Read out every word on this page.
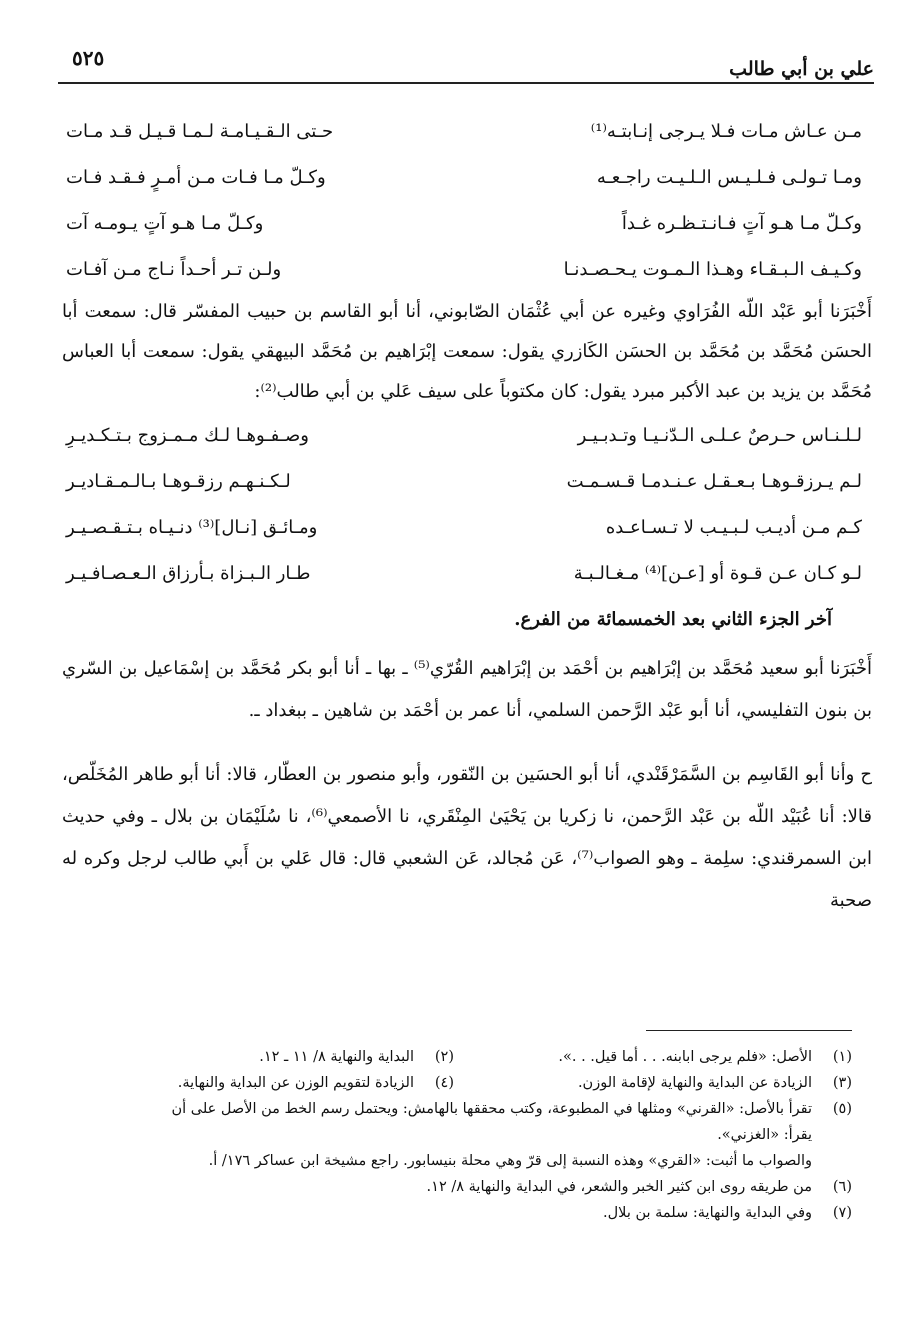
علي بن أبي طالب
٥٢٥
مـن عـاش مـات فـلا يـرجى إنـابتـه⁽¹⁾
حـتى الـقـيـامـة لـمـا قـيـل قـد مـات
ومـا تـولـى فـلـيـس الـلـيـت راجـعـه
وكـلّ مـا فـات مـن أمـرٍ فـقـد فـات
وكـلّ مـا هـو آتٍ فـانـتـظـره غـداً
وكـلّ مـا هـو آتٍ يـومـه آت
وكـيـف الـبـقـاء وهـذا الـمـوت يـحـصـدنـا
ولـن تـر أحـداً نـاج مـن آفـات

أَخْبَرَنا أبو عَبْد اللّه الفُرَاوي وغيره عن أبي عُثْمَان الصّابوني، أنا أبو القاسم بن حبيب المفسّر قال: سمعت أبا الحسَن مُحَمَّد بن مُحَمَّد بن الحسَن الكَازري يقول: سمعت إبْرَاهيم بن مُحَمَّد البيهقي يقول: سمعت أبا العباس مُحَمَّد بن يزيد بن عبد الأكبر مبرد يقول: كان مكتوباً على سيف عَلي بن أبي طالب⁽²⁾:

لـلـنـاس حـرصٌ عـلـى الـدّنـيـا وتـدبـيـر
وصـفـوهـا لـك مـمـزوج بـتـكـديـرِ
لـم يـرزقـوهـا بـعـقـل عـنـدمـا قـسـمـت
لـكـنـهـم رزقـوهـا بـالـمـقـاديـر
كـم مـن أديـب لـبـيـب لا تـسـاعـده
ومـائـق [نـال]⁽³⁾ دنـيـاه بـتـقـصـيـر
لـو كـان عـن قـوة أو [عـن]⁽⁴⁾ مـغـالـبـة
طـار الـبـزاة بـأرزاق الـعـصـافـيـر
آخر الجزء الثاني بعد الخمسمائة من الفرع.

أَخْبَرَنا أبو سعيد مُحَمَّد بن إبْرَاهيم بن أحْمَد بن إبْرَاهيم القُرّي⁽⁵⁾ ـ بها ـ أنا أبو بكر مُحَمَّد بن إسْمَاعيل بن السّري بن بنون التفليسي، أنا أبو عَبْد الرَّحمن السلمي، أنا عمر بن أحْمَد بن شاهين ـ ببغداد ـ.

ح وأنا أبو القَاسِم بن السَّمَرْقَنْدي، أنا أبو الحسَين بن النّقور، وأبو منصور بن العطّار، قالا: أنا أبو طاهر المُخَلّص، قالا: أنا عُبَيْد اللّه بن عَبْد الرَّحمن، نا زكريا بن يَحْيَىٰ المِنْقَري، نا الأصمعي⁽⁶⁾، نا سُلَيْمَان بن بلال ـ وفي حديث ابن السمرقندي: سلِمة ـ وهو الصواب⁽⁷⁾، عَن مُجالد، عَن الشعبي قال: قال عَلي بن أَبي طالب لرجل وكره له صحبة

(١)
الأصل: «فلم يرجى ابابنه. . . أما قيل. . .».
(٢)
البداية والنهاية ٨/ ١١ ـ ١٢.
(٣)
الزيادة عن البداية والنهاية لإقامة الوزن.
(٤)
الزيادة لتقويم الوزن عن البداية والنهاية.
(٥)
تقرأ بالأصل: «القرني» ومثلها في المطبوعة، وكتب محققها بالهامش: ويحتمل رسم الخط من الأصل على أن
يقرأ: «الغزني».
والصواب ما أثبت: «القري» وهذه النسبة إلى قرّ وهي محلة بنيسابور. راجع مشيخة ابن عساكر ١٧٦/ أ.
(٦)
من طريقه روى ابن كثير الخبر والشعر، في البداية والنهاية ٨/ ١٢.
(٧)
وفي البداية والنهاية: سلمة بن بلال.
